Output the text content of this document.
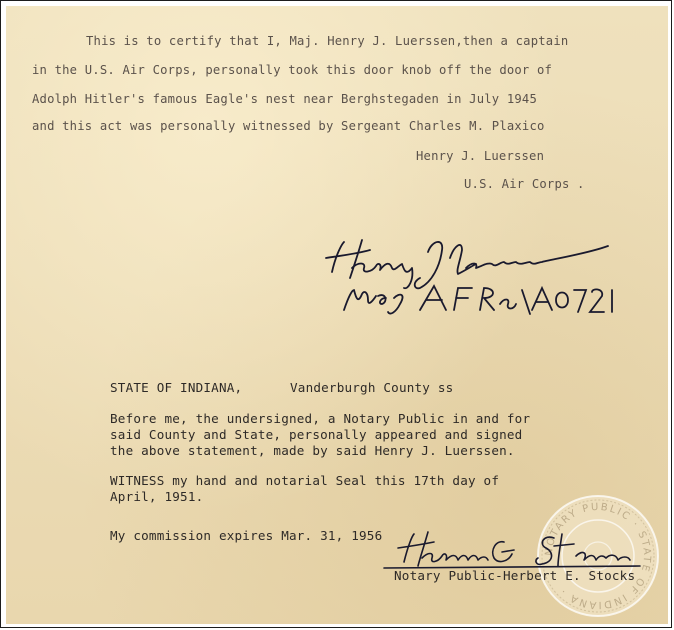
This is to certify that I, Maj. Henry J. Luerssen,then a captain

in the U.S. Air Corps, personally took this door knob off the door of

Adolph Hitler's famous Eagle's nest near Berghstegaden in July 1945

and this act was personally witnessed by Sergeant Charles M. Plaxico

Henry J. Luerssen

U.S. Air Corps .

STATE OF INDIANA,	Vanderburgh County ss

Before me, the undersigned, a Notary Public in and for

said County and State, personally appeared and signed

the above statement, made by said Henry J. Luerssen.

WITNESS my hand and notarial Seal this 17th day of

April, 1951.

My commission expires Mar. 31, 1956

NOTARY PUBLIC · STATE OF INDIANA ·

Notary Public-Herbert E. Stocks
